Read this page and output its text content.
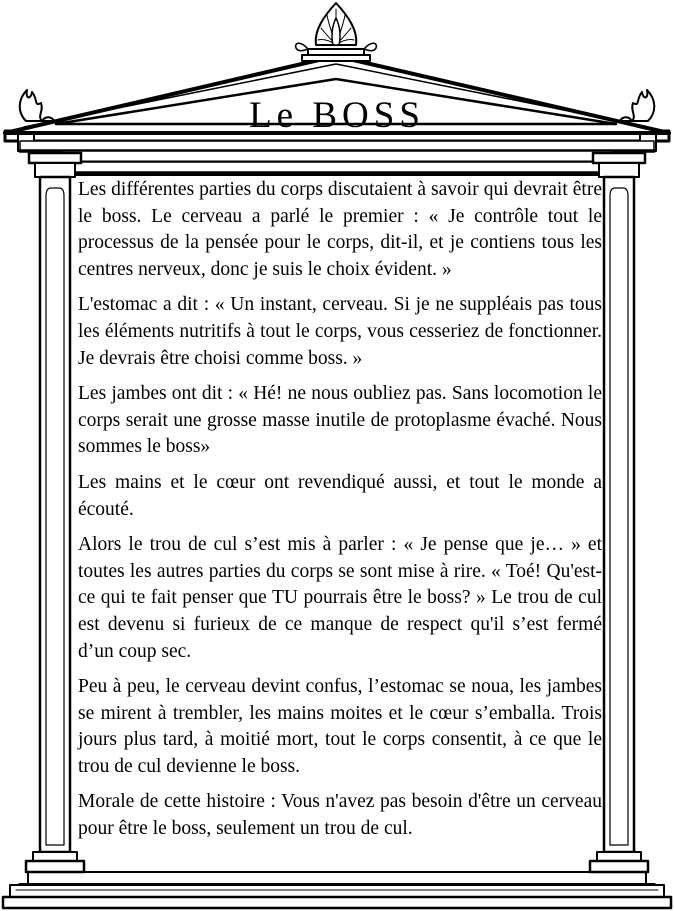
Le BOSS

Les différentes parties du corps discutaient à savoir qui devrait être le boss. Le cerveau a parlé le premier : « Je contrôle tout le processus de la pensée pour le corps, dit-il, et je contiens tous les centres nerveux, donc je suis le choix évident. »

L'estomac a dit : « Un instant, cerveau. Si je ne suppléais pas tous les éléments nutritifs à tout le corps, vous cesseriez de fonctionner. Je devrais être choisi comme boss. »

Les jambes ont dit : « Hé! ne nous oubliez pas. Sans locomotion le corps serait une grosse masse inutile de protoplasme évaché. Nous sommes le boss»

Les mains et le cœur ont revendiqué aussi, et tout le monde a écouté.

Alors le trou de cul s’est mis à parler : « Je pense que je… » et toutes les autres parties du corps se sont mise à rire. « Toé! Qu'est-ce qui te fait penser que TU pourrais être le boss? » Le trou de cul est devenu si furieux de ce manque de respect qu'il s’est fermé d’un coup sec.

Peu à peu, le cerveau devint confus, l’estomac se noua, les jambes se mirent à trembler, les mains moites et le cœur s’emballa. Trois jours plus tard, à moitié mort, tout le corps consentit, à ce que le trou de cul devienne le boss.

Morale de cette histoire : Vous n'avez pas besoin d'être un cerveau pour être le boss, seulement un trou de cul.
